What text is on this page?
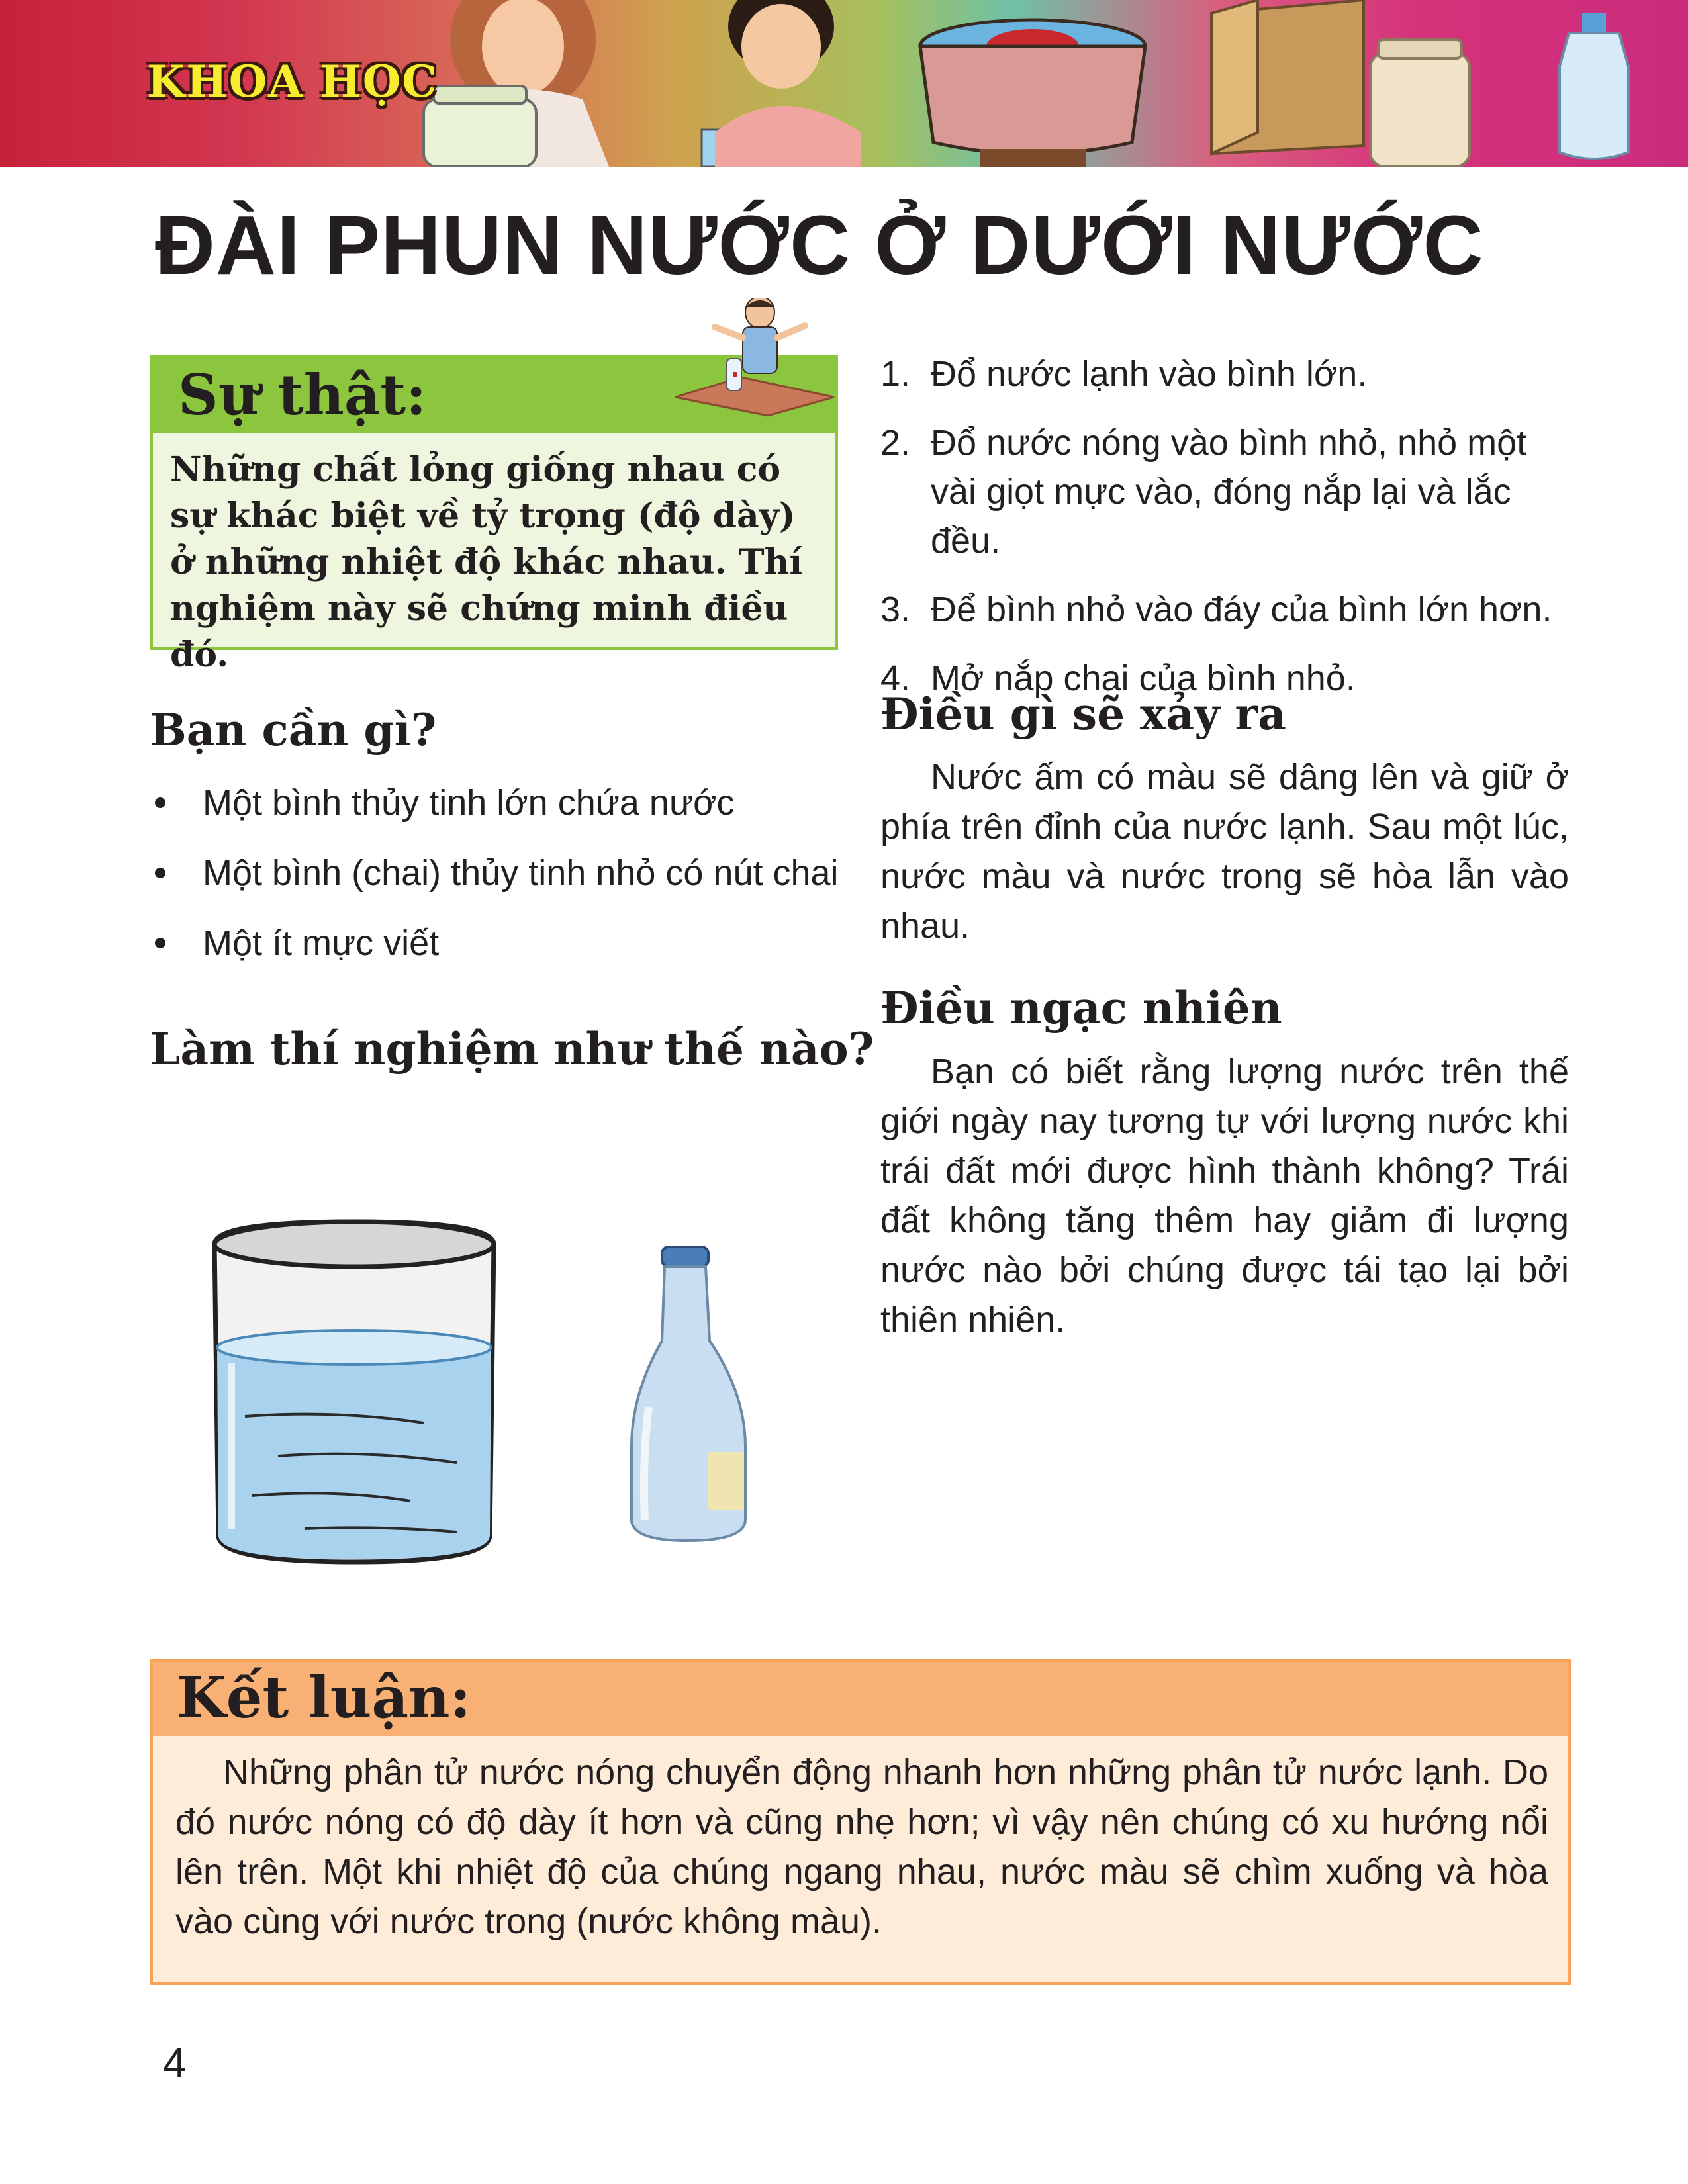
KHOA HỌC
ĐÀI PHUN NƯỚC Ở DƯỚI NƯỚC
Sự thật:
Những chất lỏng giống nhau có sự khác biệt về tỷ trọng (độ dày) ở những nhiệt độ khác nhau. Thí nghiệm này sẽ chứng minh điều đó.
Bạn cần gì?
Một bình thủy tinh lớn chứa nước
Một bình (chai) thủy tinh nhỏ có nút chai
Một ít mực viết
Làm thí nghiệm như thế nào?
1. Đổ nước lạnh vào bình lớn.
2. Đổ nước nóng vào bình nhỏ, nhỏ một vài giọt mực vào, đóng nắp lại và lắc đều.
3. Để bình nhỏ vào đáy của bình lớn hơn.
4. Mở nắp chai của bình nhỏ.
Điều gì sẽ xảy ra

Nước ấm có màu sẽ dâng lên và giữ ở phía trên đỉnh của nước lạnh. Sau một lúc, nước màu và nước trong sẽ hòa lẫn vào nhau.

Điều ngạc nhiên

Bạn có biết rằng lượng nước trên thế giới ngày nay tương tự với lượng nước khi trái đất mới được hình thành không? Trái đất không tăng thêm hay giảm đi lượng nước nào bởi chúng được tái tạo lại bởi thiên nhiên.

Kết luận:

Những phân tử nước nóng chuyển động nhanh hơn những phân tử nước lạnh. Do đó nước nóng có độ dày ít hơn và cũng nhẹ hơn; vì vậy nên chúng có xu hướng nổi lên trên. Một khi nhiệt độ của chúng ngang nhau, nước màu sẽ chìm xuống và hòa vào cùng với nước trong (nước không màu).

4
